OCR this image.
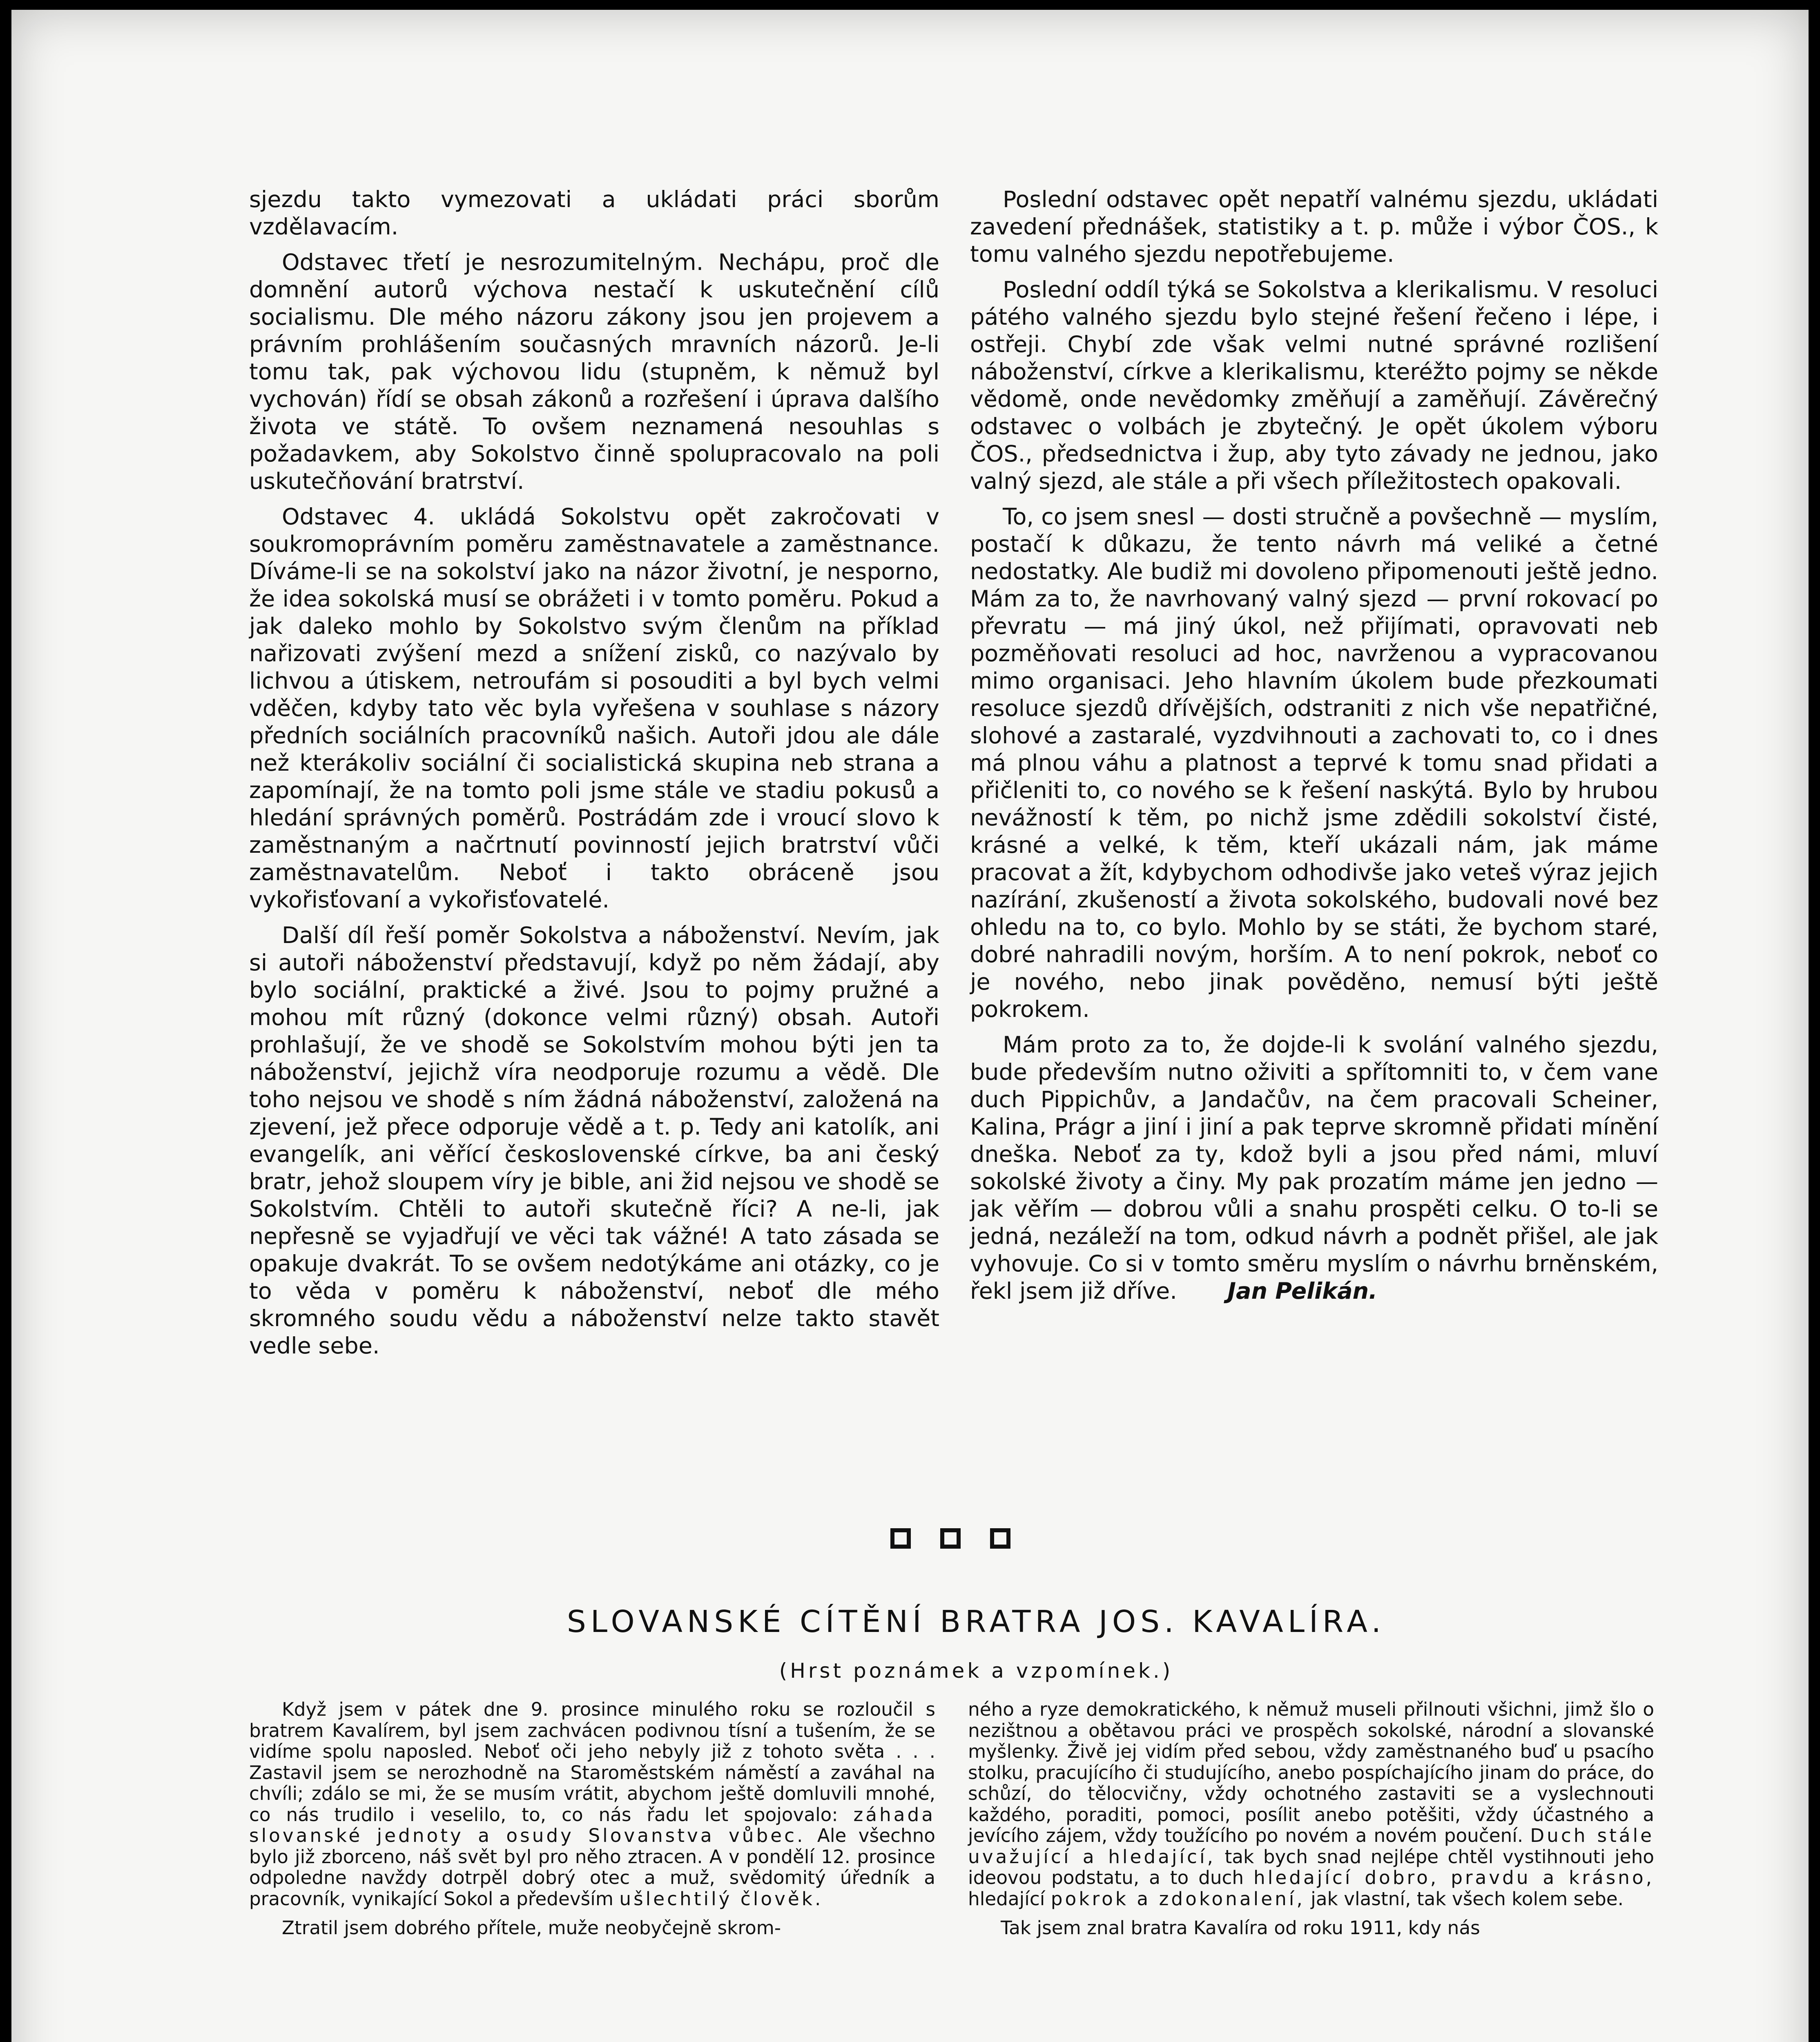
sjezdu takto vymezovati a ukládati práci sborům vzdělavacím.

Odstavec třetí je nesrozumitelným. Nechápu, proč dle domnění autorů výchova nestačí k uskutečnění cílů socialismu. Dle mého názoru zákony jsou jen projevem a právním prohlášením současných mravních názorů. Je-li tomu tak, pak výchovou lidu (stupněm, k němuž byl vychován) řídí se obsah zákonů a rozřešení i úprava dalšího života ve státě. To ovšem neznamená nesouhlas s požadavkem, aby Sokolstvo činně spolupracovalo na poli uskutečňování bratrství.

Odstavec 4. ukládá Sokolstvu opět zakročovati v soukromoprávním poměru zaměstnavatele a zaměstnance. Díváme-li se na sokolství jako na názor životní, je nesporno, že idea sokolská musí se obrážeti i v tomto poměru. Pokud a jak daleko mohlo by Sokolstvo svým členům na příklad nařizovati zvýšení mezd a snížení zisků, co nazývalo by lichvou a útiskem, netroufám si posouditi a byl bych velmi vděčen, kdyby tato věc byla vyřešena v souhlase s názory předních sociálních pracovníků našich. Autoři jdou ale dále než kterákoliv sociální či socialistická skupina neb strana a zapomínají, že na tomto poli jsme stále ve stadiu pokusů a hledání správných poměrů. Postrádám zde i vroucí slovo k zaměstnaným a načrtnutí povinností jejich bratrství vůči zaměstnavatelům. Neboť i takto obráceně jsou vykořisťovaní a vykořisťovatelé.

Další díl řeší poměr Sokolstva a náboženství. Nevím, jak si autoři náboženství představují, když po něm žádají, aby bylo sociální, praktické a živé. Jsou to pojmy pružné a mohou mít různý (dokonce velmi různý) obsah. Autoři prohlašují, že ve shodě se Sokolstvím mohou býti jen ta náboženství, jejichž víra neodporuje rozumu a vědě. Dle toho nejsou ve shodě s ním žádná náboženství, založená na zjevení, jež přece odporuje vědě a t. p. Tedy ani katolík, ani evangelík, ani věřící československé církve, ba ani český bratr, jehož sloupem víry je bible, ani žid nejsou ve shodě se Sokolstvím. Chtěli to autoři skutečně říci? A ne-li, jak nepřesně se vyjadřují ve věci tak vážné! A tato zásada se opakuje dvakrát. To se ovšem nedotýkáme ani otázky, co je to věda v poměru k náboženství, neboť dle mého skromného soudu vědu a náboženství nelze takto stavět vedle sebe.

Poslední odstavec opět nepatří valnému sjezdu, ukládati zavedení přednášek, statistiky a t. p. může i výbor ČOS., k tomu valného sjezdu nepotřebujeme.

Poslední oddíl týká se Sokolstva a klerikalismu. V resoluci pátého valného sjezdu bylo stejné řešení řečeno i lépe, i ostřeji. Chybí zde však velmi nutné správné rozlišení náboženství, církve a klerikalismu, kteréžto pojmy se někde vědomě, onde nevědomky změňují a zaměňují. Závěrečný odstavec o volbách je zbytečný. Je opět úkolem výboru ČOS., předsednictva i žup, aby tyto závady ne jednou, jako valný sjezd, ale stále a při všech příležitostech opakovali.

To, co jsem snesl — dosti stručně a povšechně — myslím, postačí k důkazu, že tento návrh má veliké a četné nedostatky. Ale budiž mi dovoleno připomenouti ještě jedno. Mám za to, že navrhovaný valný sjezd — první rokovací po převratu — má jiný úkol, než přijímati, opravovati neb pozměňovati resoluci ad hoc, navrženou a vypracovanou mimo organisaci. Jeho hlavním úkolem bude přezkoumati resoluce sjezdů dřívějších, odstraniti z nich vše nepatřičné, slohové a zastaralé, vyzdvihnouti a zachovati to, co i dnes má plnou váhu a platnost a teprvé k tomu snad přidati a přičleniti to, co nového se k řešení naskýtá. Bylo by hrubou nevážností k těm, po nichž jsme zdědili sokolství čisté, krásné a velké, k těm, kteří ukázali nám, jak máme pracovat a žít, kdybychom odhodivše jako veteš výraz jejich nazírání, zkušeností a života sokolského, budovali nové bez ohledu na to, co bylo. Mohlo by se státi, že bychom staré, dobré nahradili novým, horším. A to není pokrok, neboť co je nového, nebo jinak pověděno, nemusí býti ještě pokrokem.

Mám proto za to, že dojde-li k svolání valného sjezdu, bude především nutno oživiti a spřítomniti to, v čem vane duch Pippichův, a Jandačův, na čem pracovali Scheiner, Kalina, Prágr a jiní i jiní a pak teprve skromně přidati mínění dneška. Neboť za ty, kdož byli a jsou před námi, mluví sokolské životy a činy. My pak prozatím máme jen jedno — jak věřím — dobrou vůli a snahu prospěti celku. O to-li se jedná, nezáleží na tom, odkud návrh a podnět přišel, ale jak vyhovuje. Co si v tomto směru myslím o návrhu brněnském, řekl jsem již dříve. Jan Pelikán.

SLOVANSKÉ CÍTĚNÍ BRATRA JOS. KAVALÍRA.
(Hrst poznámek a vzpomínek.)

Když jsem v pátek dne 9. prosince minulého roku se rozloučil s bratrem Kavalírem, byl jsem zachvácen podivnou tísní a tušením, že se vidíme spolu naposled. Neboť oči jeho nebyly již z tohoto světa . . . Zastavil jsem se nerozhodně na Staroměstském náměstí a zaváhal na chvíli; zdálo se mi, že se musím vrátit, abychom ještě domluvili mnohé, co nás trudilo i veselilo, to, co nás řadu let spojovalo: záhada slovanské jednoty a osudy Slovanstva vůbec. Ale všechno bylo již zborceno, náš svět byl pro něho ztracen. A v pondělí 12. prosince odpoledne navždy dotrpěl dobrý otec a muž, svědomitý úředník a pracovník, vynikající Sokol a především ušlechtilý člověk.

Ztratil jsem dobrého přítele, muže neobyčejně skrom-

ného a ryze demokratického, k němuž museli přilnouti všichni, jimž šlo o nezištnou a obětavou práci ve prospěch sokolské, národní a slovanské myšlenky. Živě jej vidím před sebou, vždy zaměstnaného buď u psacího stolku, pracujícího či studujícího, anebo pospíchajícího jinam do práce, do schůzí, do tělocvičny, vždy ochotného zastaviti se a vyslechnouti každého, poraditi, pomoci, posílit anebo potěšiti, vždy účastného a jevícího zájem, vždy toužícího po novém a novém poučení. Duch stále uvažující a hledající, tak bych snad nejlépe chtěl vystihnouti jeho ideovou podstatu, a to duch hledající dobro, pravdu a krásno, hledající pokrok a zdokonalení, jak vlastní, tak všech kolem sebe.

Tak jsem znal bratra Kavalíra od roku 1911, kdy nás
